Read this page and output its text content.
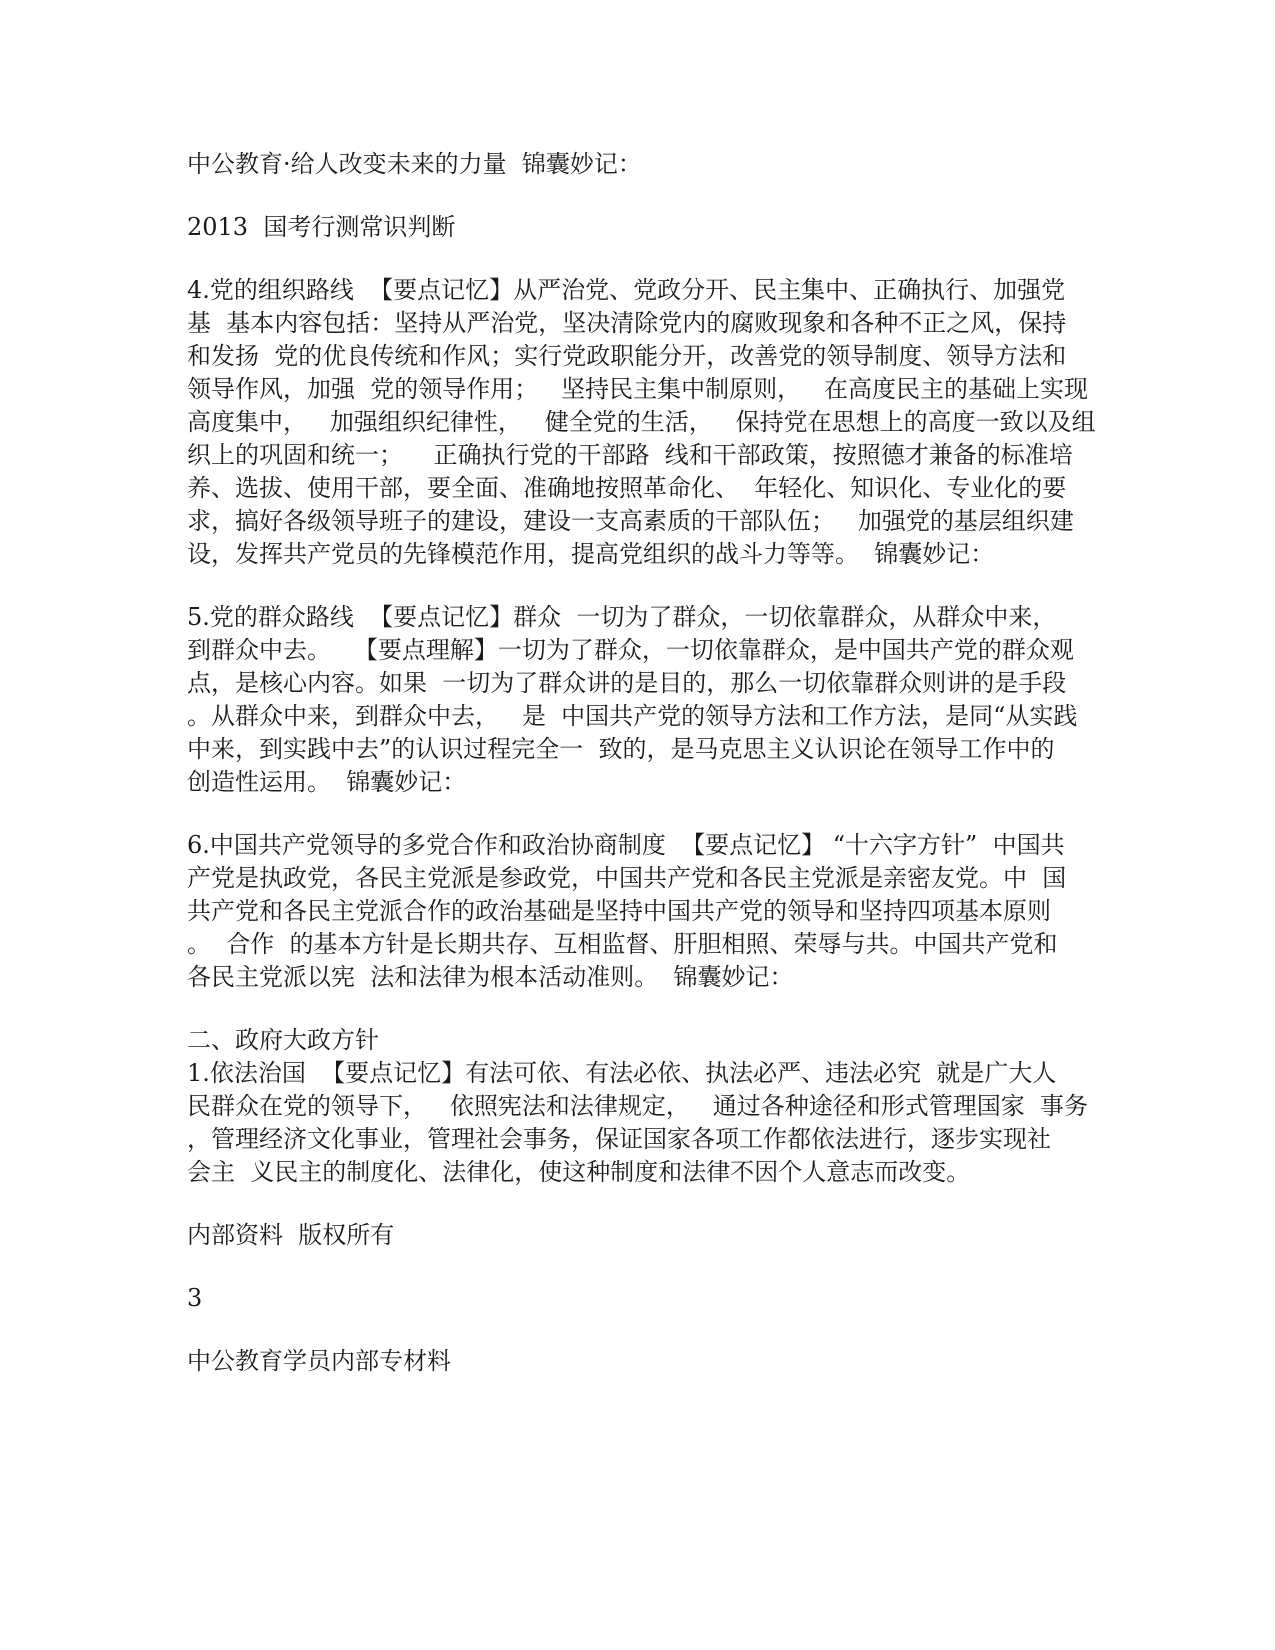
中公教育·给人改变未来的力量  锦囊妙记：

2013  国考行测常识判断

4.党的组织路线  【要点记忆】从严治党、党政分开、民主集中、正确执行、加强党

基  基本内容包括：坚持从严治党，坚决清除党内的腐败现象和各种不正之风，保持

和发扬  党的优良传统和作风；实行党政职能分开，改善党的领导制度、领导方法和

领导作风，加强  党的领导作用；   坚持民主集中制原则，   在高度民主的基础上实现

高度集中，   加强组织纪律性，   健全党的生活，   保持党在思想上的高度一致以及组

织上的巩固和统一；    正确执行党的干部路  线和干部政策，按照德才兼备的标准培

养、选拔、使用干部，要全面、准确地按照革命化、  年轻化、知识化、专业化的要

求，搞好各级领导班子的建设，建设一支高素质的干部队伍；   加强党的基层组织建

设，发挥共产党员的先锋模范作用，提高党组织的战斗力等等。  锦囊妙记：

5.党的群众路线  【要点记忆】群众  一切为了群众，一切依靠群众，从群众中来，

到群众中去。   【要点理解】一切为了群众，一切依靠群众，是中国共产党的群众观

点，是核心内容。如果  一切为了群众讲的是目的，那么一切依靠群众则讲的是手段

。从群众中来，到群众中去，   是  中国共产党的领导方法和工作方法，是同“从实践

中来，到实践中去”的认识过程完全一  致的，是马克思主义认识论在领导工作中的

创造性运用。  锦囊妙记：

6.中国共产党领导的多党合作和政治协商制度  【要点记忆】 “十六字方针”  中国共

产党是执政党，各民主党派是参政党，中国共产党和各民主党派是亲密友党。中  国

共产党和各民主党派合作的政治基础是坚持中国共产党的领导和坚持四项基本原则

。  合作  的基本方针是长期共存、互相监督、肝胆相照、荣辱与共。中国共产党和

各民主党派以宪  法和法律为根本活动准则。  锦囊妙记：

二、政府大政方针

1.依法治国  【要点记忆】有法可依、有法必依、执法必严、违法必究  就是广大人

民群众在党的领导下，   依照宪法和法律规定，   通过各种途径和形式管理国家  事务

，管理经济文化事业，管理社会事务，保证国家各项工作都依法进行，逐步实现社

会主  义民主的制度化、法律化，使这种制度和法律不因个人意志而改变。

内部资料  版权所有

3

中公教育学员内部专材料
